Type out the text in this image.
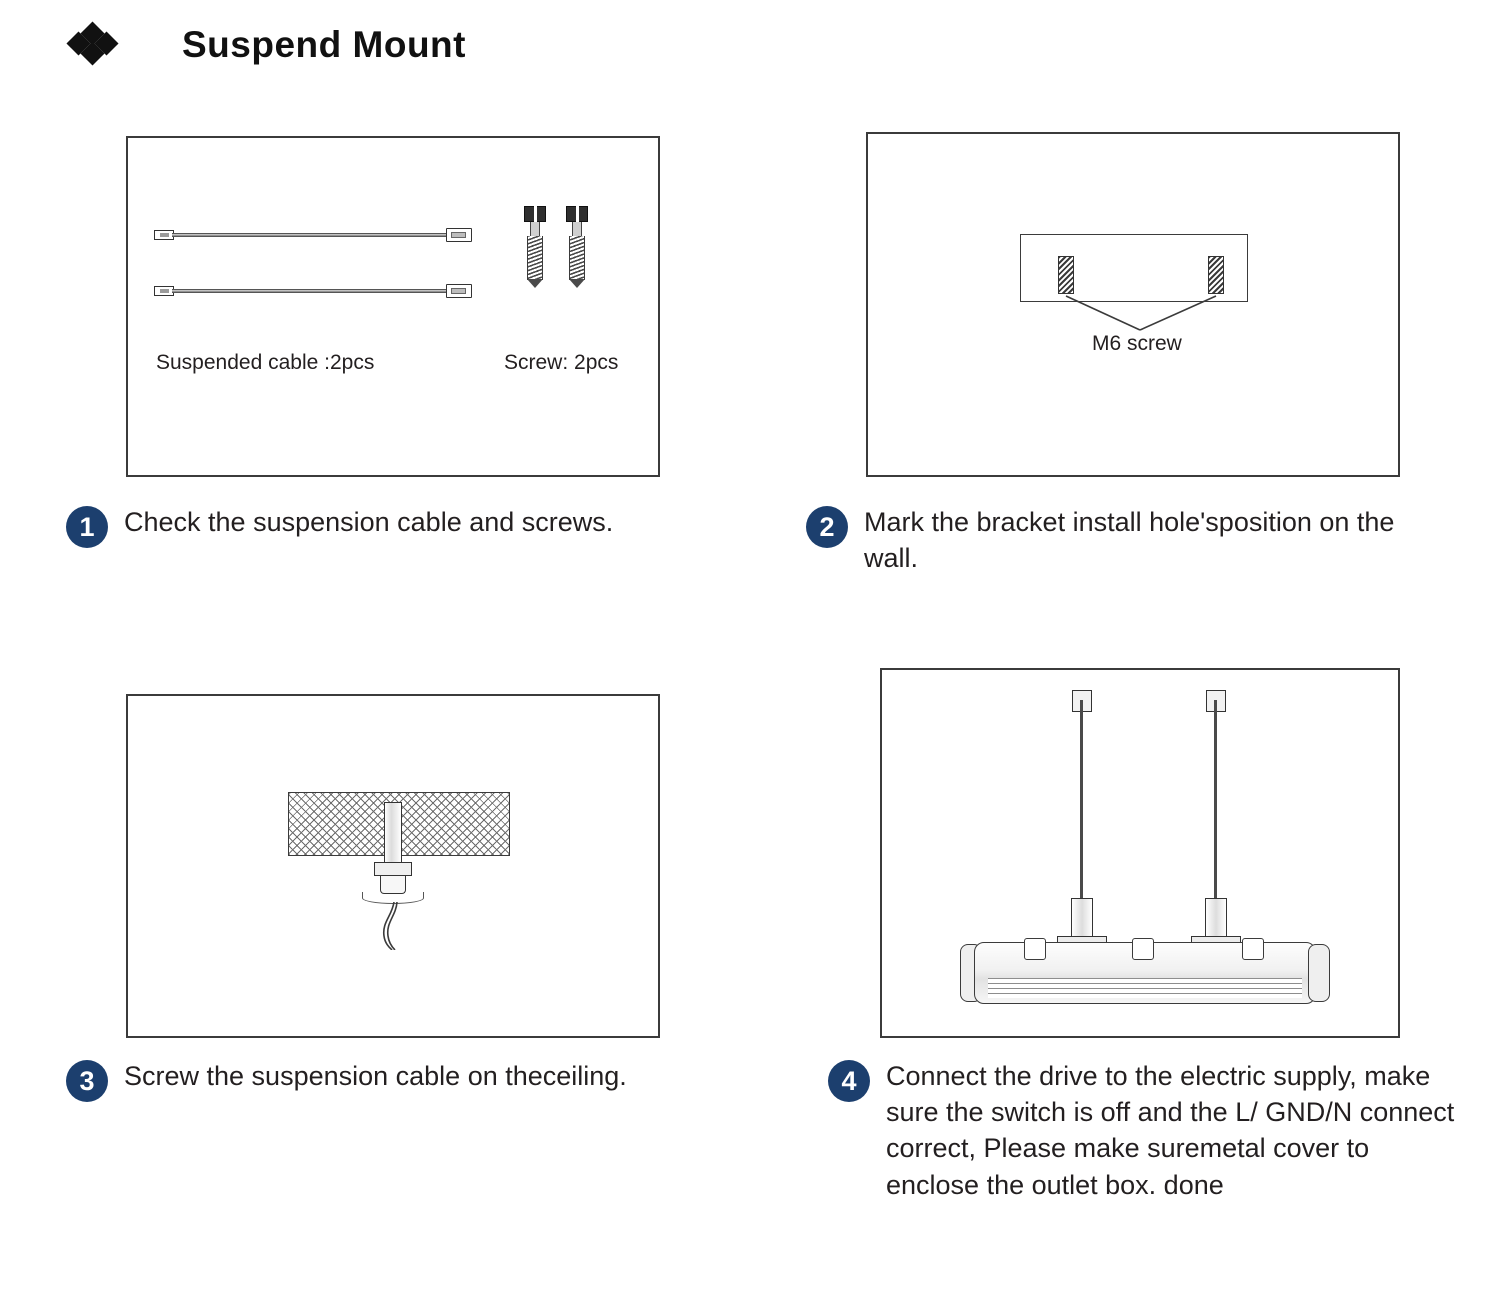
Suspend Mount
Suspended cable :2pcs	Screw: 2pcs
M6 screw
1	Check the suspension cable and screws.	2	Mark the bracket install hole'sposition on the wall.
3	Screw the suspension cable on theceiling.	4	Connect the drive to the electric supply, make sure the switch is off and the L/ GND/N connect correct, Please make suremetal cover to enclose the outlet box. done
